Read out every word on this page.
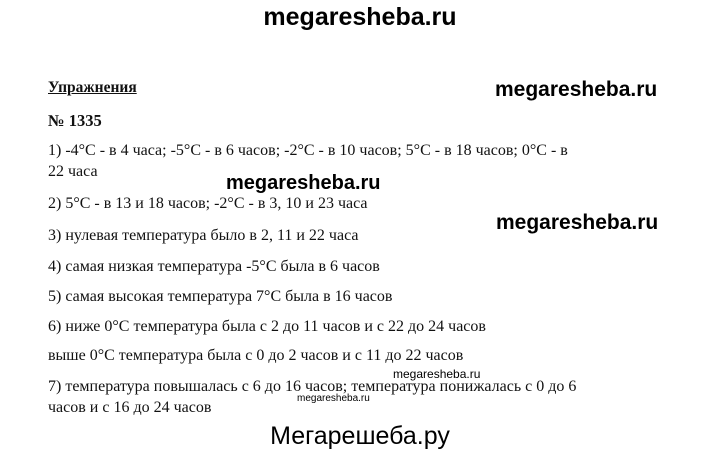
megaresheba.ru
Упражнения	megaresheba.ru
№ 1335
1) -4°С - в 4 часа; -5°С - в 6 часов; -2°С - в 10 часов; 5°С - в 18 часов; 0°С - в
22 часа
megaresheba.ru
2) 5°С - в 13 и 18 часов; -2°С - в 3, 10 и 23 часа
megaresheba.ru
3) нулевая температура было в 2, 11 и 22 часа
4) самая низкая температура -5°С была в 6 часов
5) самая высокая температура 7°С была в 16 часов
6) ниже 0°С температура была с 2 до 11 часов и с 22 до 24 часов
выше 0°С температура была с 0 до 2 часов и с 11 до 22 часов
megaresheba.ru
7) температура повышалась с 6 до 16 часов; температура понижалась с 0 до 6
часов и с 16 до 24 часов
megaresheba.ru
Мегарешеба.ру
